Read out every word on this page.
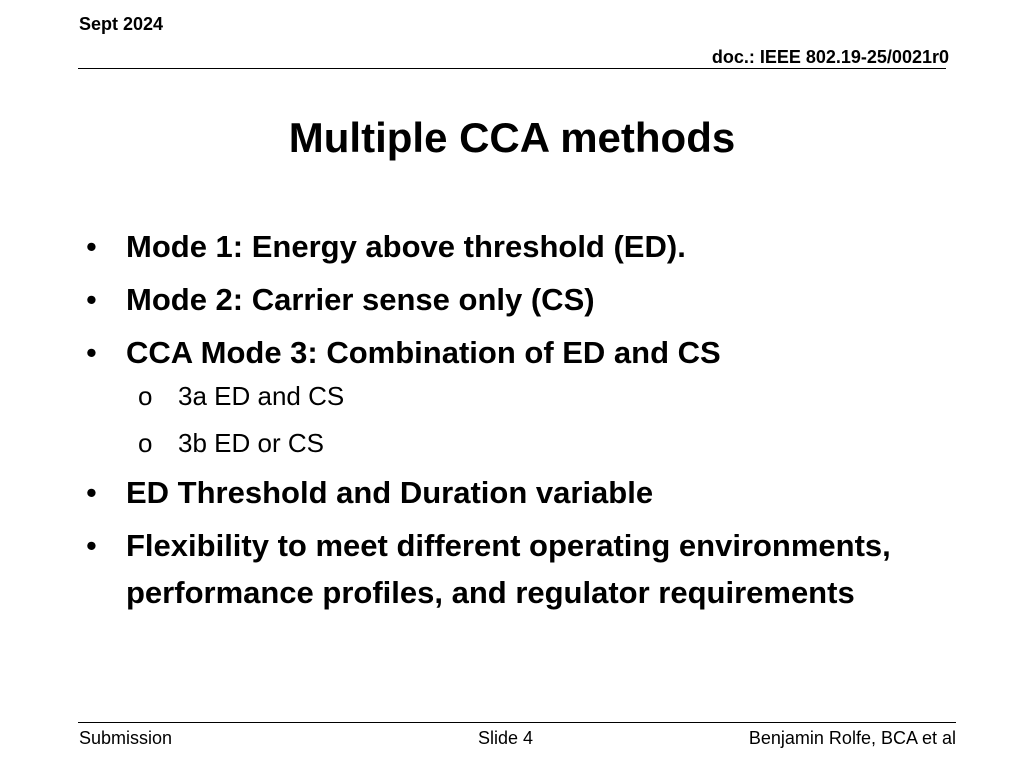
Sept 2024
doc.: IEEE 802.19-25/0021r0
Multiple CCA methods
• Mode 1: Energy above threshold (ED).
• Mode 2: Carrier sense only (CS)
• CCA Mode 3: Combination of ED and CS
o 3a ED and CS
o 3b ED or CS
• ED Threshold and Duration variable
• Flexibility to meet different operating environments, performance profiles, and regulator requirements
Submission	Slide 4	Benjamin Rolfe, BCA et al
